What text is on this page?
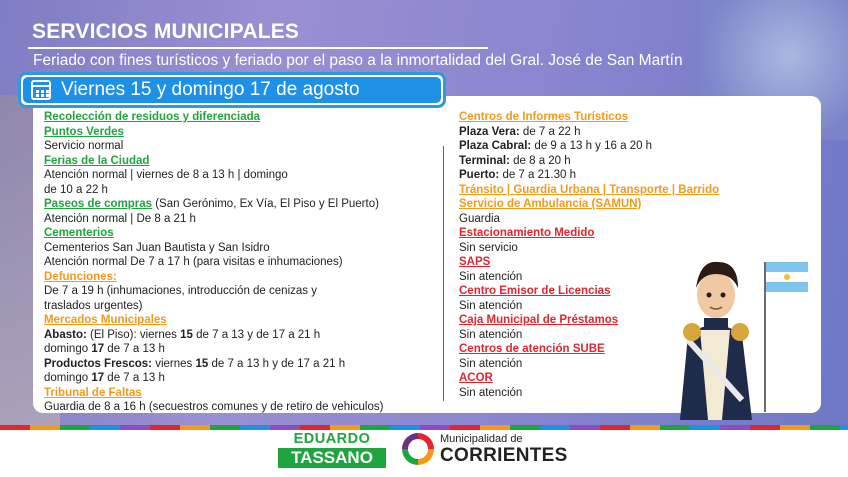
SERVICIOS MUNICIPALES
Feriado con fines turísticos y feriado por el paso a la inmortalidad del Gral. José de San Martín
Viernes 15 y domingo 17 de agosto
Recolección de residuos y diferenciada
Puntos Verdes
Servicio normal
Ferias de la Ciudad
Atención normal | viernes de 8 a 13 h | domingo
de 10 a 22 h
Paseos de compras (San Gerónimo, Ex Vía, El Piso y El Puerto)
Atención normal | De 8 a 21 h
Cementerios
Cementerios San Juan Bautista y San Isidro
Atención normal De 7 a 17 h (para visitas e inhumaciones)
Defunciones:
De 7 a 19 h (inhumaciones, introducción de cenizas y
traslados urgentes)
Mercados Municipales
Abasto: (El Piso): viernes 15 de 7 a 13 y de 17 a 21 h
domingo 17 de 7 a 13 h
Productos Frescos: viernes 15 de 7 a 13 h y de 17 a 21 h
domingo 17 de 7 a 13 h
Tribunal de Faltas
Guardia de 8 a 16 h (secuestros comunes y de retiro de vehiculos)
Centros de Informes Turísticos
Plaza Vera: de 7 a 22 h
Plaza Cabral: de 9 a 13 h y 16 a 20 h
Terminal: de 8 a 20 h
Puerto: de 7 a 21.30 h
Tránsito | Guardia Urbana | Transporte | Barrido
Servicio de Ambulancia (SAMUN)
Guardia
Estacionamiento Medido
Sin servicio
SAPS
Sin atención
Centro Emisor de Licencias
Sin atención
Caja Municipal de Préstamos
Sin atención
Centros de atención SUBE
Sin atención
ACOR
Sin atención
EDUARDO
TASSANO
Municipalidad de
CORRIENTES
